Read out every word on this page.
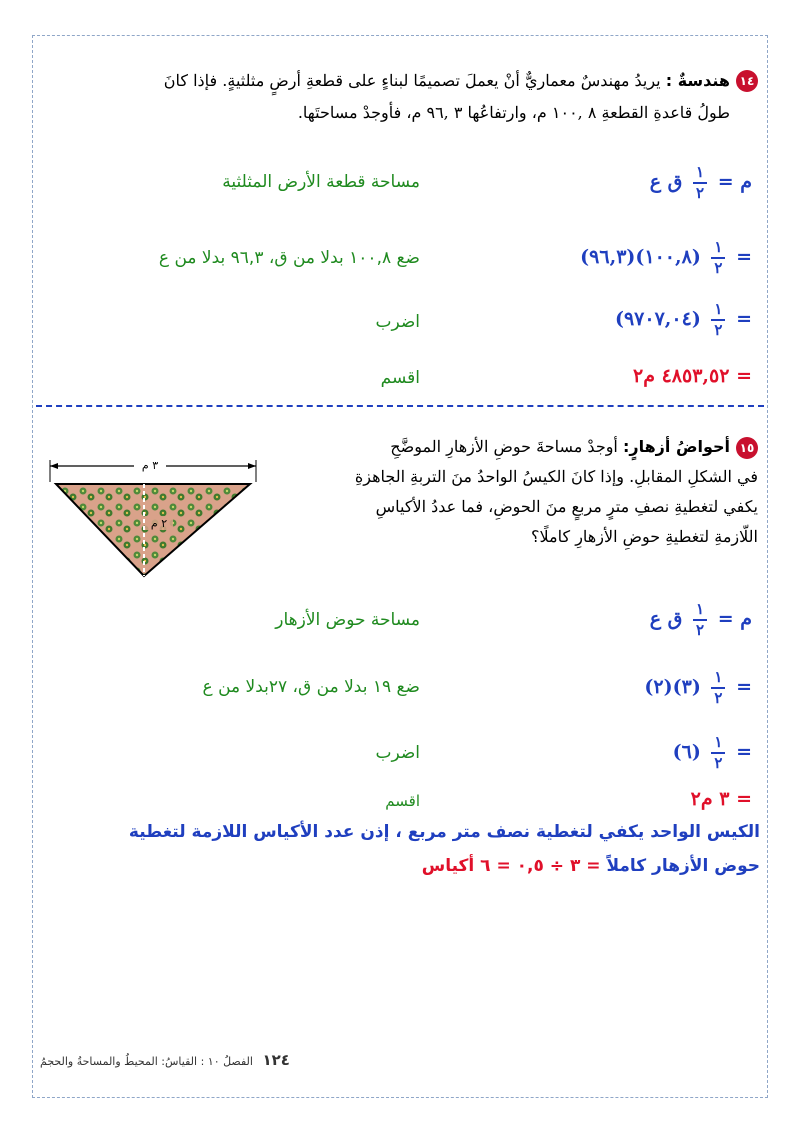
١٤
هندسةٌ : يريدُ مهندسٌ معماريٌّ أنْ يعملَ تصميمًا لبناءٍ على قطعةِ أرضٍ مثلثيةٍ. فإذا كانَ
طولُ قاعدةِ القطعةِ ٨ ,١٠٠ م، وارتفاعُها ٣ ,٩٦ م، فأوجدْ مساحتَها.
م =
$\frac{١}{٢}$
ق ع
مساحة قطعة الأرض المثلثية
=
$\frac{١}{٢}$
(١٠٠,٨)(٩٦,٣)
ضع ١٠٠,٨ بدلا من ق، ٩٦,٣ بدلا من ع
=
$\frac{١}{٢}$
(٩٧٠٧,٠٤)
اضرب
= ٤٨٥٣,٥٢ م٢
اقسم
١٥
أحواضُ أزهارٍ: أوجدْ مساحةَ حوضِ الأزهارِ الموضَّحِ
في الشكلِ المقابلِ. وإذا كانَ الكيسُ الواحدُ منَ التربةِ الجاهزةِ
يكفي لتغطيةِ نصفِ مترٍ مربعٍ منَ الحوضِ، فما عددُ الأكياسِ
اللّازمةِ لتغطيةِ حوضِ الأزهارِ كاملًا؟
٣ م
٢ م
م =
$\frac{١}{٢}$
ق ع
مساحة حوض الأزهار
=
$\frac{١}{٢}$
(٣)(٢)
ضع ١٩ بدلا من ق، ٢٧بدلا من ع
=
$\frac{١}{٢}$
(٦)
اضرب
= ٣ م٢
اقسم
الكيس الواحد يكفي لتغطية نصف متر مربع ، إذن عدد الأكياس اللازمة لتغطية
حوض الأزهار كاملاً = ٣ ÷ ٠,٥ = ٦ أكياس
١٢٤ الفصلُ ١٠ : القياسُ: المحيطُ والمساحةُ والحجمُ
